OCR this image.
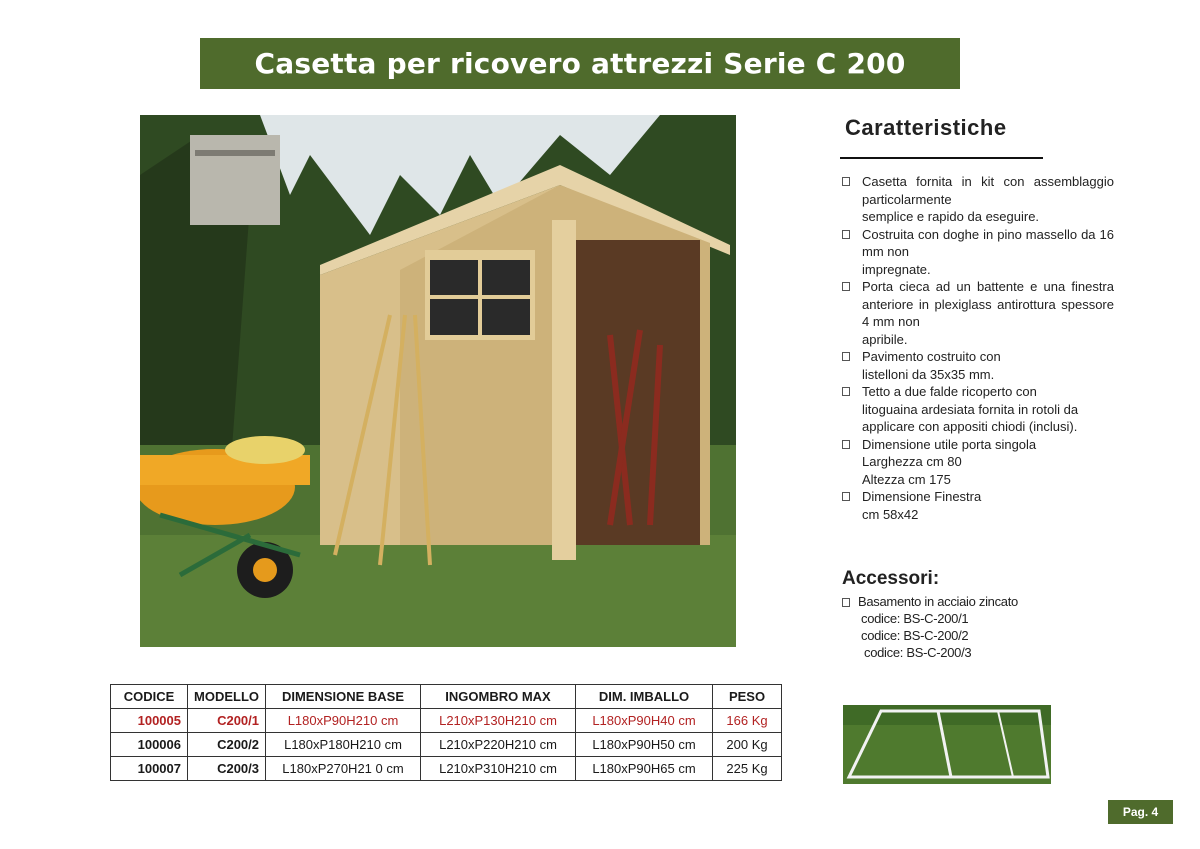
Casetta per ricovero attrezzi Serie C 200
Caratteristiche
Casetta fornita in kit con assemblaggio particolarmente
semplice e rapido da eseguire.
Costruita con doghe in pino massello da 16 mm non
impregnate.
Porta cieca ad un battente e una finestra anteriore in plexiglass antirottura spessore 4 mm non
apribile.
Pavimento costruito con
listelloni da 35x35 mm.
Tetto a due falde ricoperto con
litoguaina ardesiata fornita in rotoli da applicare con appositi chiodi (inclusi).
Dimensione utile porta singola
Larghezza cm 80
Altezza cm 175
Dimensione Finestra
cm 58x42
Accessori:
Basamento in acciaio zincato
codice: BS-C-200/1
codice: BS-C-200/2
codice: BS-C-200/3
CODICE	MODELLO	DIMENSIONE BASE	INGOMBRO MAX	DIM. IMBALLO	PESO
100005	C200/1	L180xP90H210 cm	L210xP130H210 cm	L180xP90H40 cm	166 Kg
100006	C200/2	L180xP180H210 cm	L210xP220H210 cm	L180xP90H50 cm	200 Kg
100007	C200/3	L180xP270H21 0 cm	L210xP310H210 cm	L180xP90H65 cm	225 Kg
Pag. 4
